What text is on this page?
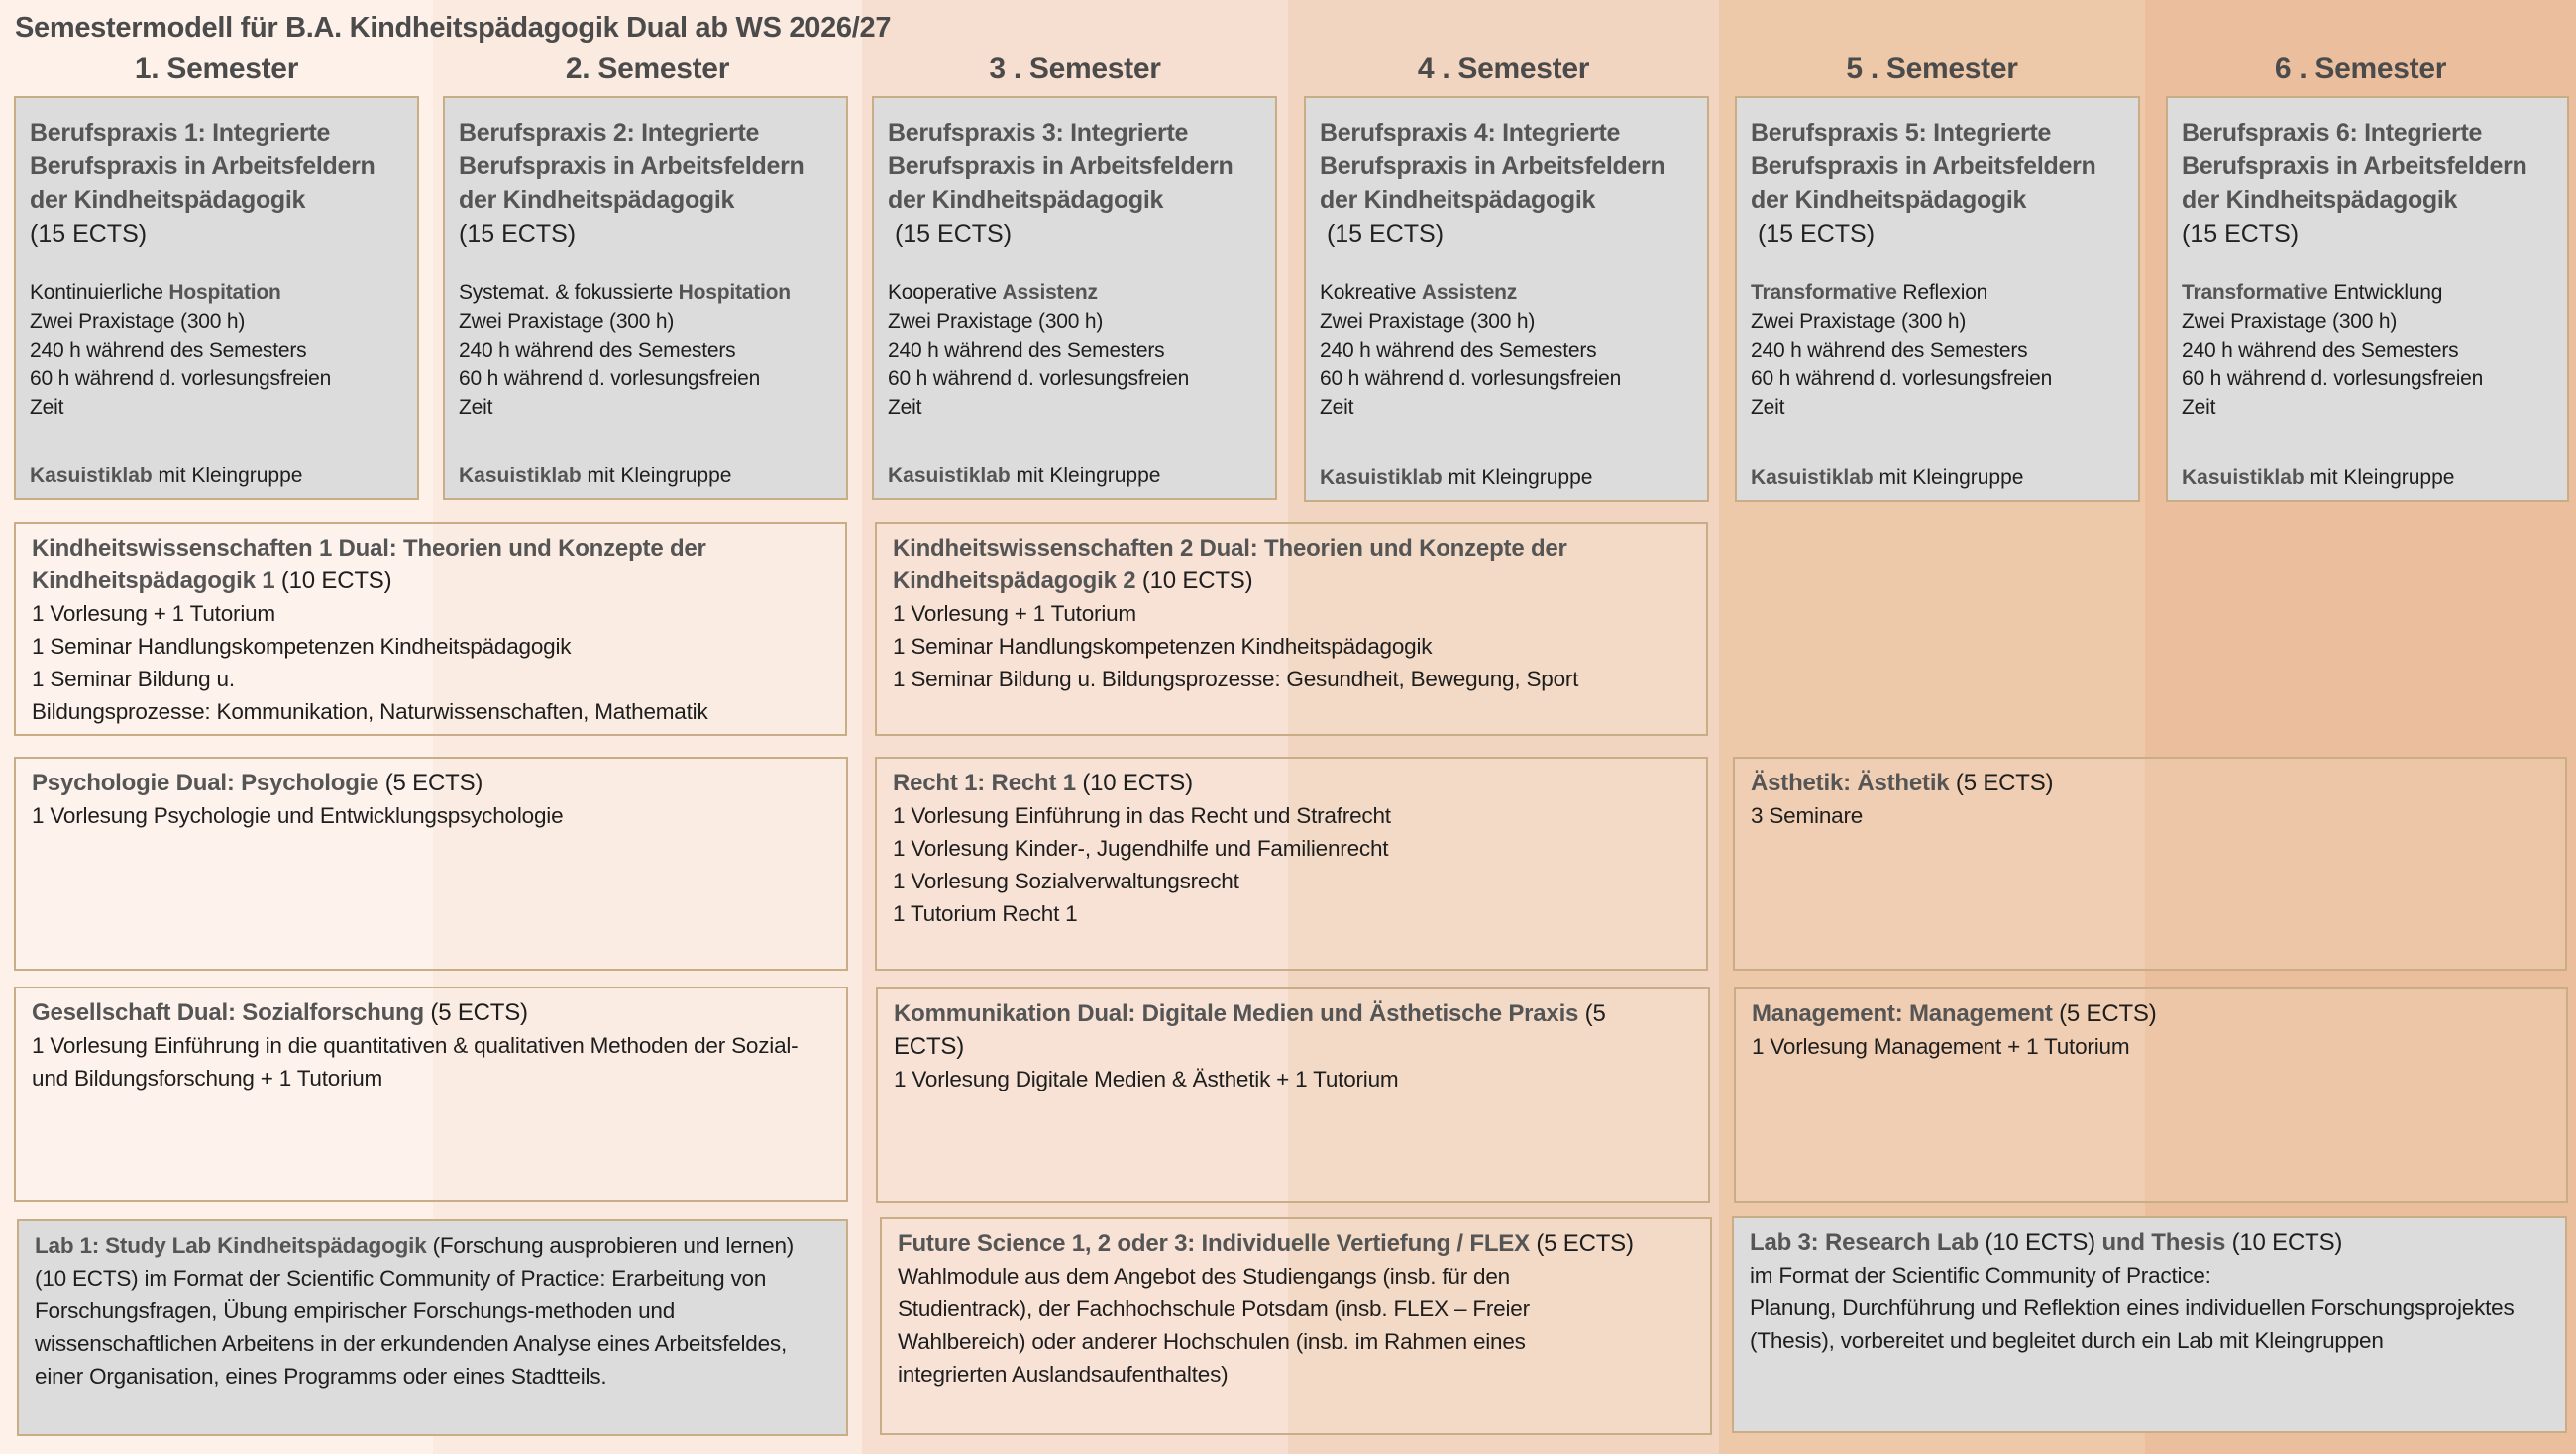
Semestermodell für B.A. Kindheitspädagogik Dual ab WS 2026/27
1. Semester	2. Semester	3 . Semester	4 . Semester	5 . Semester	6 . Semester
Berufspraxis 1: Integrierte
Berufspraxis in Arbeitsfeldern
der Kindheitspädagogik
(15 ECTS)
Kontinuierliche Hospitation
Zwei Praxistage (300 h)
240 h während des Semesters
60 h während d. vorlesungsfreien
Zeit
Kasuistiklab mit Kleingruppe
Berufspraxis 2: Integrierte
Berufspraxis in Arbeitsfeldern
der Kindheitspädagogik
(15 ECTS)
Systemat. & fokussierte Hospitation
Zwei Praxistage (300 h)
240 h während des Semesters
60 h während d. vorlesungsfreien
Zeit
Kasuistiklab mit Kleingruppe
Berufspraxis 3: Integrierte
Berufspraxis in Arbeitsfeldern
der Kindheitspädagogik
(15 ECTS)
Kooperative Assistenz
Zwei Praxistage (300 h)
240 h während des Semesters
60 h während d. vorlesungsfreien
Zeit
Kasuistiklab mit Kleingruppe
Berufspraxis 4: Integrierte
Berufspraxis in Arbeitsfeldern
der Kindheitspädagogik
(15 ECTS)
Kokreative Assistenz
Zwei Praxistage (300 h)
240 h während des Semesters
60 h während d. vorlesungsfreien
Zeit
Kasuistiklab mit Kleingruppe
Berufspraxis 5: Integrierte
Berufspraxis in Arbeitsfeldern
der Kindheitspädagogik
(15 ECTS)
Transformative Reflexion
Zwei Praxistage (300 h)
240 h während des Semesters
60 h während d. vorlesungsfreien
Zeit
Kasuistiklab mit Kleingruppe
Berufspraxis 6: Integrierte
Berufspraxis in Arbeitsfeldern
der Kindheitspädagogik
(15 ECTS)
Transformative Entwicklung
Zwei Praxistage (300 h)
240 h während des Semesters
60 h während d. vorlesungsfreien
Zeit
Kasuistiklab mit Kleingruppe
Kindheitswissenschaften 1 Dual: Theorien und Konzepte der Kindheitspädagogik 1 (10 ECTS)
1 Vorlesung + 1 Tutorium
1 Seminar Handlungskompetenzen Kindheitspädagogik
1 Seminar Bildung u.
Bildungsprozesse: Kommunikation, Naturwissenschaften, Mathematik
Kindheitswissenschaften 2 Dual: Theorien und Konzepte der Kindheitspädagogik 2 (10 ECTS)
1 Vorlesung + 1 Tutorium
1 Seminar Handlungskompetenzen Kindheitspädagogik
1 Seminar Bildung u. Bildungsprozesse: Gesundheit, Bewegung, Sport
Psychologie Dual: Psychologie (5 ECTS)
1 Vorlesung Psychologie und Entwicklungspsychologie
Recht 1: Recht 1 (10 ECTS)
1 Vorlesung Einführung in das Recht und Strafrecht
1 Vorlesung Kinder-, Jugendhilfe und Familienrecht
1 Vorlesung Sozialverwaltungsrecht
1 Tutorium Recht 1
Ästhetik: Ästhetik (5 ECTS)
3 Seminare
Gesellschaft Dual: Sozialforschung (5 ECTS)
1 Vorlesung Einführung in die quantitativen & qualitativen Methoden der Sozial- und Bildungsforschung + 1 Tutorium
Kommunikation Dual: Digitale Medien und Ästhetische Praxis (5 ECTS)
1 Vorlesung Digitale Medien & Ästhetik + 1 Tutorium
Management: Management (5 ECTS)
1 Vorlesung Management + 1 Tutorium
Lab 1: Study Lab Kindheitspädagogik (Forschung ausprobieren und lernen) (10 ECTS) im Format der Scientific Community of Practice: Erarbeitung von Forschungsfragen, Übung empirischer Forschungs-methoden und wissenschaftlichen Arbeitens in der erkundenden Analyse eines Arbeitsfeldes, einer Organisation, eines Programms oder eines Stadtteils.
Future Science 1, 2 oder 3: Individuelle Vertiefung / FLEX (5 ECTS)
Wahlmodule aus dem Angebot des Studiengangs (insb. für den Studientrack), der Fachhochschule Potsdam (insb. FLEX – Freier Wahlbereich) oder anderer Hochschulen (insb. im Rahmen eines integrierten Auslandsaufenthaltes)
Lab 3: Research Lab (10 ECTS) und Thesis (10 ECTS)
im Format der Scientific Community of Practice:
Planung, Durchführung und Reflektion eines individuellen Forschungsprojektes (Thesis), vorbereitet und begleitet durch ein Lab mit Kleingruppen
